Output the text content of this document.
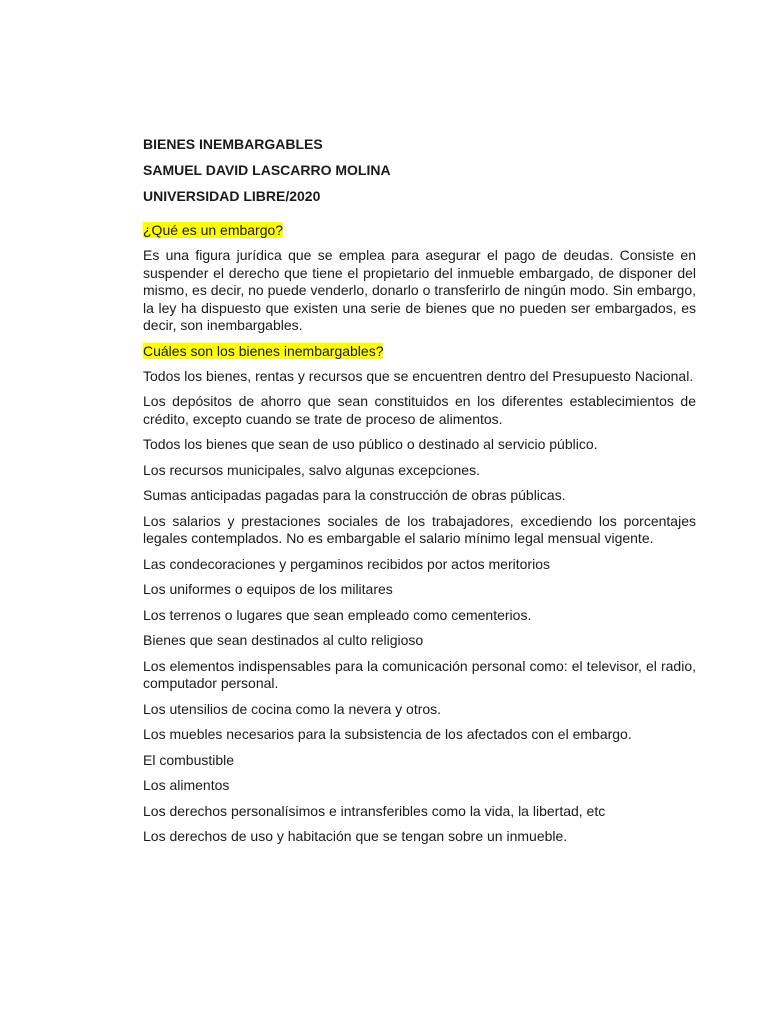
BIENES INEMBARGABLES

SAMUEL DAVID LASCARRO MOLINA

UNIVERSIDAD LIBRE/2020

¿Qué es un embargo?

Es una figura jurídica que se emplea para asegurar el pago de deudas. Consiste en suspender el derecho que tiene el propietario del inmueble embargado, de disponer del mismo, es decir, no puede venderlo, donarlo o transferirlo de ningún modo. Sin embargo, la ley ha dispuesto que existen una serie de bienes que no pueden ser embargados, es decir, son inembargables.

Cuáles son los bienes inembargables?

Todos los bienes, rentas y recursos que se encuentren dentro del Presupuesto Nacional.

Los depósitos de ahorro que sean constituidos en los diferentes establecimientos de crédito, excepto cuando se trate de proceso de alimentos.

Todos los bienes que sean de uso público o destinado al servicio público.

Los recursos municipales, salvo algunas excepciones.

Sumas anticipadas pagadas para la construcción de obras públicas.

Los salarios y prestaciones sociales de los trabajadores, excediendo los porcentajes legales contemplados. No es embargable el salario mínimo legal mensual vigente.

Las condecoraciones y pergaminos recibidos por actos meritorios

Los uniformes o equipos de los militares

Los terrenos o lugares que sean empleado como cementerios.

Bienes que sean destinados al culto religioso

Los elementos indispensables para la comunicación personal como: el televisor, el radio, computador personal.

Los utensilios de cocina como la nevera y otros.

Los muebles necesarios para la subsistencia de los afectados con el embargo.

El combustible

Los alimentos

Los derechos personalísimos e intransferibles como la vida, la libertad, etc

Los derechos de uso y habitación que se tengan sobre un inmueble.
